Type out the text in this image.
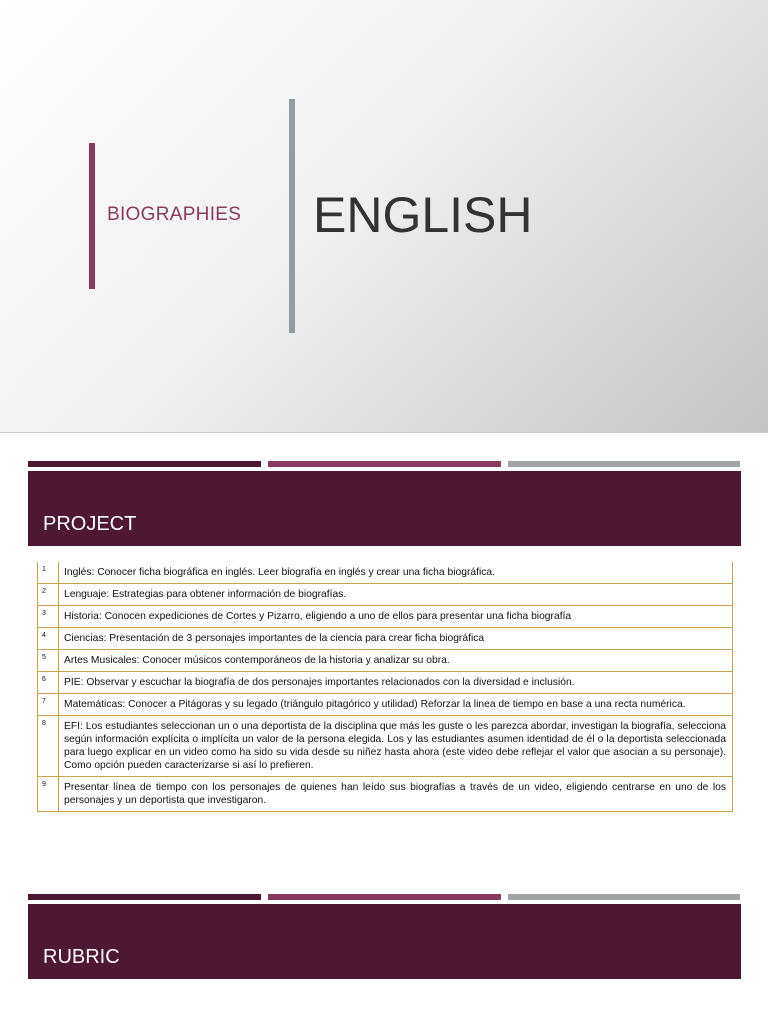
BIOGRAPHIES ENGLISH
PROJECT
1	Inglés: Conocer ficha biográfica en inglés. Leer biografía en inglés y crear una ficha biográfica.
2	Lenguaje: Estrategias para obtener información de biografías.
3	Historia: Conocen expediciones de Cortes y Pizarro, eligiendo a uno de ellos para presentar una ficha biografía
4	Ciencias: Presentación de 3 personajes importantes de la ciencia para crear ficha biográfica
5	Artes Musicales: Conocer músicos contemporáneos de la historia y analizar su obra.
6	PIE: Observar y escuchar la biografía de dos personajes importantes relacionados con la diversidad e inclusión.
7	Matemáticas: Conocer a Pitágoras y su legado (triángulo pitagórico y utilidad) Reforzar la linea de tiempo en base a una recta numérica.
8	EFI: Los estudiantes seleccionan un o una deportista de la disciplina que más les guste o les parezca abordar, investigan la biografía, selecciona según información explícita o implícita un valor de la persona elegida. Los y las estudiantes asumen identidad de él o la deportista seleccionada para luego explicar en un video como ha sido su vida desde su niñez hasta ahora (este video debe reflejar el valor que asocian a su personaje). Como opción pueden caracterizarse si así lo prefieren.
9	Presentar línea de tiempo con los personajes de quienes han leído sus biografías a través de un video, eligiendo centrarse en uno de los personajes y un deportista que investigaron.
RUBRIC
